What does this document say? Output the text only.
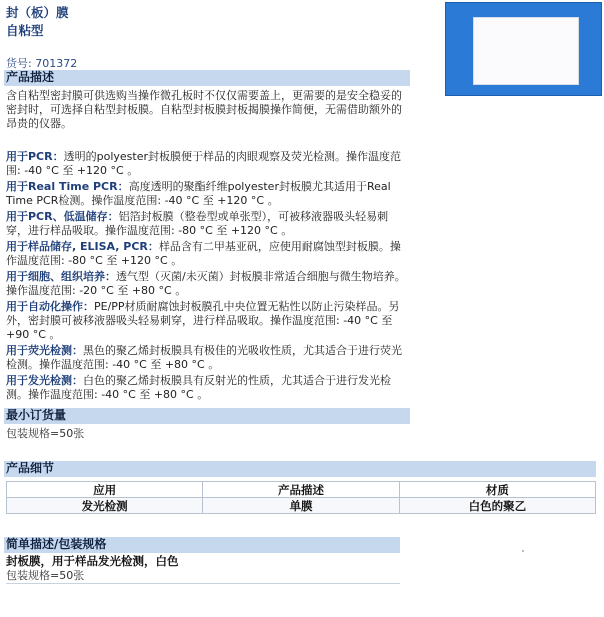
封（板）膜
自粘型
货号: 701372
产品描述
含自粘型密封膜可供选购当操作微孔板时不仅仅需要盖上，更需要的是安全稳妥的密封时，可选择自粘型封板膜。自粘型封板膜封板揭膜操作简便，无需借助额外的昂贵的仪器。
用于PCR：透明的polyester封板膜便于样品的肉眼观察及荧光检测。操作温度范围: -40 °C 至 +120 °C 。
用于Real Time PCR：高度透明的聚酯纤维polyester封板膜尤其适用于Real Time PCR检测。操作温度范围: -40 °C 至 +120 °C 。
用于PCR、低温储存：铝箔封板膜（整卷型或单张型），可被移液器吸头轻易刺穿，进行样品吸取。操作温度范围: -80 °C 至 +120 °C 。
用于样品储存, ELISA, PCR：样品含有二甲基亚矾，应使用耐腐蚀型封板膜。操作温度范围: -80 °C 至 +120 °C 。
用于细胞、组织培养：透气型（灭菌/未灭菌）封板膜非常适合细胞与微生物培养。操作温度范围: -20 °C 至 +80 °C 。
用于自动化操作：PE/PP材质耐腐蚀封板膜孔中央位置无粘性以防止污染样品。另外，密封膜可被移液器吸头轻易刺穿，进行样品吸取。操作温度范围: -40 °C 至 +90 °C 。
用于荧光检测：黑色的聚乙烯封板膜具有极佳的光吸收性质，尤其适合于进行荧光检测。操作温度范围: -40 °C 至 +80 °C 。
用于发光检测：白色的聚乙烯封板膜具有反射光的性质，尤其适合于进行发光检测。操作温度范围: -40 °C 至 +80 °C 。
最小订货量
包装规格=50张
产品细节
应用	产品描述	材质
发光检测	单膜	白色的聚乙
简单描述/包装规格
封板膜，用于样品发光检测，白色
包装规格=50张
